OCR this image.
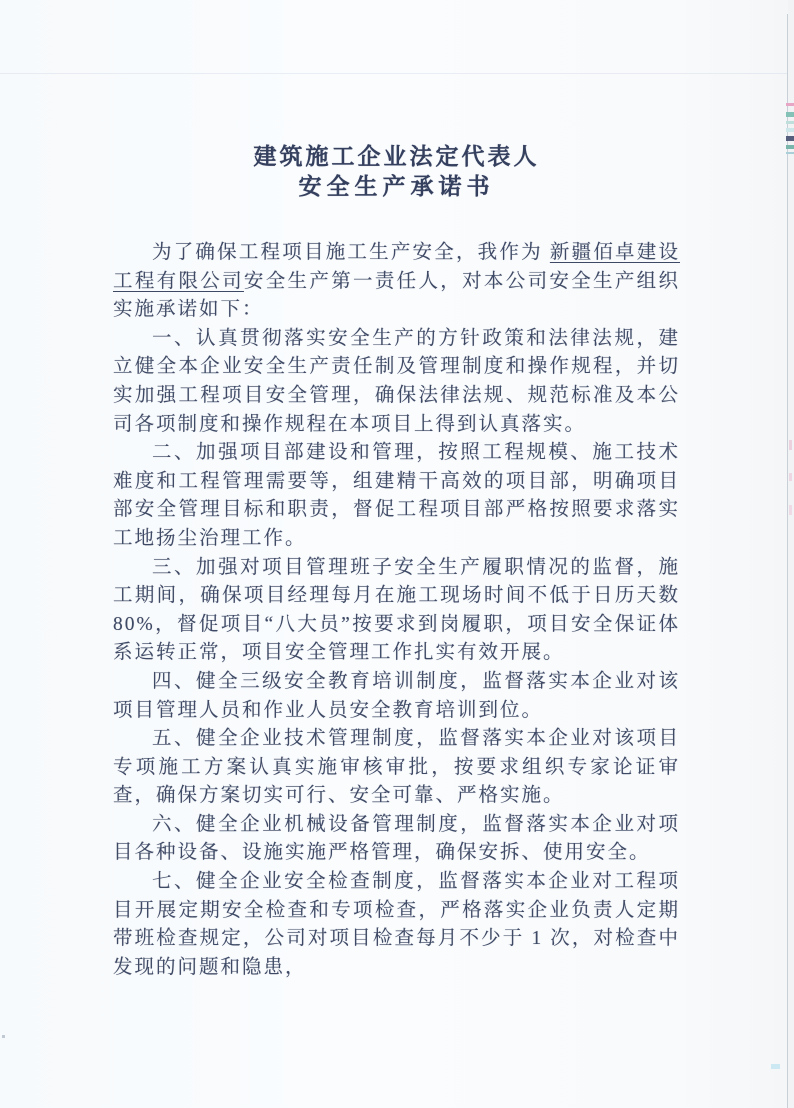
建筑施工企业法定代表人
安全生产承诺书

为了确保工程项目施工生产安全，我作为 新疆佰卓建设工程有限公司安全生产第一责任人，对本公司安全生产组织实施承诺如下：

一、认真贯彻落实安全生产的方针政策和法律法规，建立健全本企业安全生产责任制及管理制度和操作规程，并切实加强工程项目安全管理，确保法律法规、规范标准及本公司各项制度和操作规程在本项目上得到认真落实。

二、加强项目部建设和管理，按照工程规模、施工技术难度和工程管理需要等，组建精干高效的项目部，明确项目部安全管理目标和职责，督促工程项目部严格按照要求落实工地扬尘治理工作。

三、加强对项目管理班子安全生产履职情况的监督，施工期间，确保项目经理每月在施工现场时间不低于日历天数 80%，督促项目“八大员”按要求到岗履职，项目安全保证体系运转正常，项目安全管理工作扎实有效开展。

四、健全三级安全教育培训制度，监督落实本企业对该项目管理人员和作业人员安全教育培训到位。

五、健全企业技术管理制度，监督落实本企业对该项目专项施工方案认真实施审核审批，按要求组织专家论证审查，确保方案切实可行、安全可靠、严格实施。

六、健全企业机械设备管理制度，监督落实本企业对项目各种设备、设施实施严格管理，确保安拆、使用安全。

七、健全企业安全检查制度，监督落实本企业对工程项目开展定期安全检查和专项检查，严格落实企业负责人定期带班检查规定，公司对项目检查每月不少于 1 次，对检查中发现的问题和隐患，
